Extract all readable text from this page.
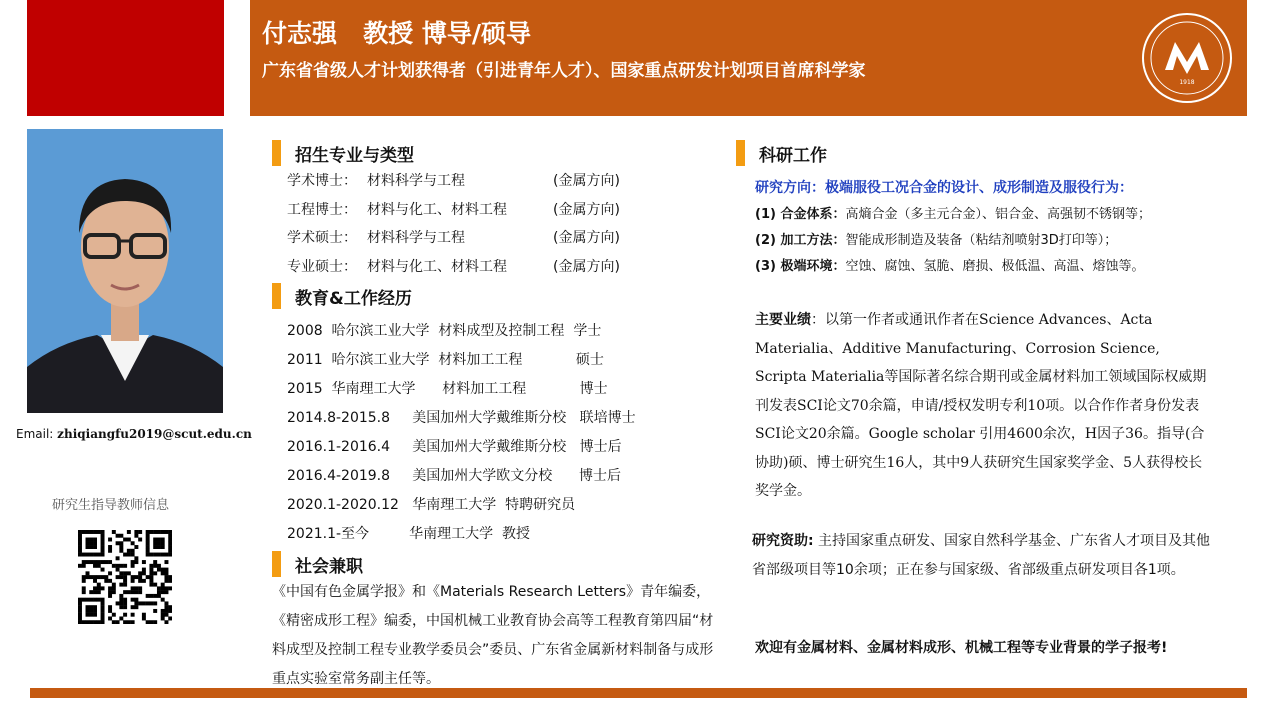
付志强   教授 博导/硕导
广东省省级人才计划获得者（引进青年人才）、国家重点研发计划项目首席科学家
1918
Email: zhiqiangfu2019@scut.edu.cn
研究生指导教师信息
招生专业与类型
学术博士： 材料科学与工程	(金属方向)
工程博士： 材料与化工、材料工程	(金属方向)
学术硕士： 材料科学与工程	(金属方向)
专业硕士： 材料与化工、材料工程	(金属方向)
教育&工作经历
2008  哈尔滨工业大学  材料成型及控制工程  学士
2011  哈尔滨工业大学  材料加工工程            硕士
2015  华南理工大学      材料加工工程            博士
2014.8-2015.8     美国加州大学戴维斯分校   联培博士
2016.1-2016.4     美国加州大学戴维斯分校   博士后
2016.4-2019.8     美国加州大学欧文分校      博士后
2020.1-2020.12   华南理工大学  特聘研究员
2021.1-至今         华南理工大学  教授
社会兼职
《中国有色金属学报》和《Materials Research Letters》青年编委，《精密成形工程》编委，中国机械工业教育协会高等工程教育第四届“材料成型及控制工程专业教学委员会”委员、广东省金属新材料制备与成形重点实验室常务副主任等。
科研工作
研究方向：极端服役工况合金的设计、成形制造及服役行为：
(1) 合金体系：高熵合金（多主元合金）、铝合金、高强韧不锈钢等；
(2) 加工方法：智能成形制造及装备（粘结剂喷射3D打印等）；
(3) 极端环境：空蚀、腐蚀、氢脆、磨损、极低温、高温、熔蚀等。
主要业绩：以第一作者或通讯作者在Science Advances、Acta Materialia、Additive Manufacturing、Corrosion Science, Scripta Materialia等国际著名综合期刊或金属材料加工领域国际权威期刊发表SCI论文70余篇，申请/授权发明专利10项。以合作作者身份发表SCI论文20余篇。Google scholar 引用4600余次，H因子36。指导(合协助)硕、博士研究生16人，其中9人获研究生国家奖学金、5人获得校长奖学金。
研究资助: 主持国家重点研发、国家自然科学基金、广东省人才项目及其他省部级项目等10余项；正在参与国家级、省部级重点研发项目各1项。
欢迎有金属材料、金属材料成形、机械工程等专业背景的学子报考!
